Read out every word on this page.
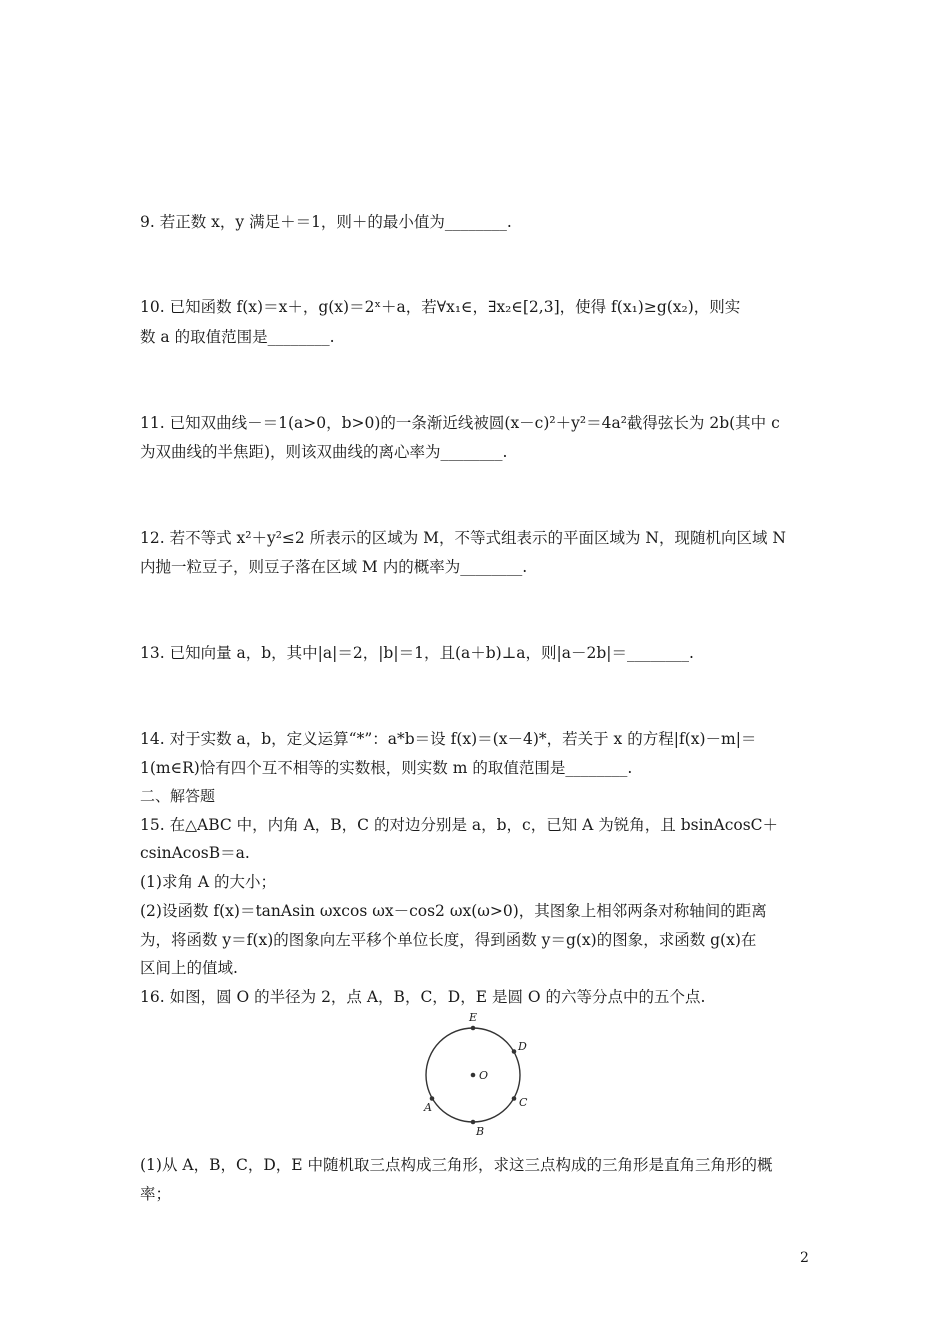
9. 若正数 x，y 满足＋＝1，则＋的最小值为________.
10. 已知函数 f(x)＝x＋，g(x)＝2ˣ＋a，若∀x₁∈，∃x₂∈[2,3]，使得 f(x₁)≥g(x₂)，则实
数 a 的取值范围是________.
11. 已知双曲线－＝1(a>0，b>0)的一条渐近线被圆(x－c)²＋y²＝4a²截得弦长为 2b(其中 c
为双曲线的半焦距)，则该双曲线的离心率为________.
12. 若不等式 x²＋y²≤2 所表示的区域为 M，不等式组表示的平面区域为 N，现随机向区域 N
内抛一粒豆子，则豆子落在区域 M 内的概率为________.
13. 已知向量 a，b，其中|a|＝2，|b|＝1，且(a＋b)⊥a，则|a－2b|＝________.
14. 对于实数 a，b，定义运算“*”：a*b＝设 f(x)＝(x－4)*，若关于 x 的方程|f(x)－m|＝
1(m∈R)恰有四个互不相等的实数根，则实数 m 的取值范围是________.
二、解答题
15. 在△ABC 中，内角 A，B，C 的对边分别是 a，b，c，已知 A 为锐角，且 bsinAcosC＋
csinAcosB＝a.
(1)求角 A 的大小；
(2)设函数 f(x)＝tanAsin ωxcos ωx－cos2 ωx(ω>0)，其图象上相邻两条对称轴间的距离
为，将函数 y＝f(x)的图象向左平移个单位长度，得到函数 y＝g(x)的图象，求函数 g(x)在
区间上的值域.
16. 如图，圆 O 的半径为 2，点 A，B，C，D，E 是圆 O 的六等分点中的五个点.
E
D
O
C
A
B
(1)从 A，B，C，D，E 中随机取三点构成三角形，求这三点构成的三角形是直角三角形的概
率；
2
